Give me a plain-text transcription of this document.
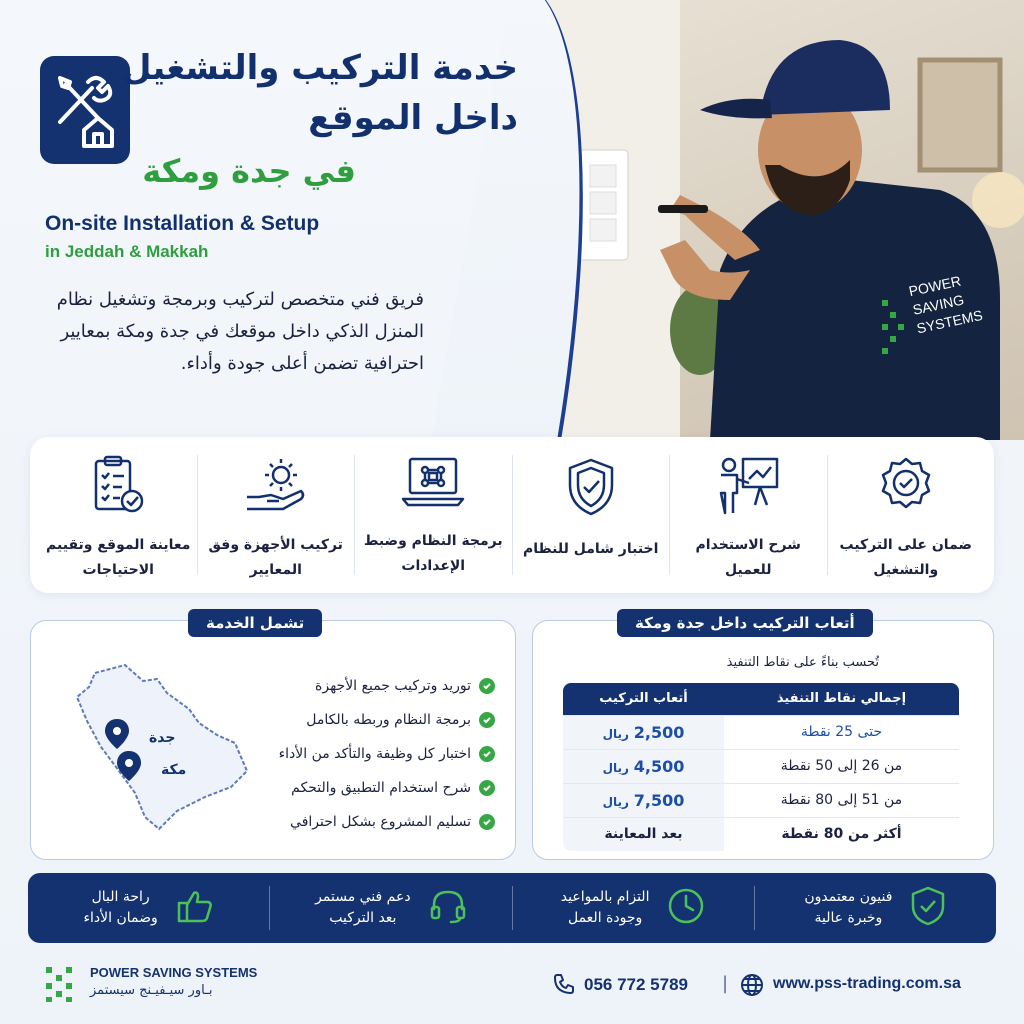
POWER SAVING SYSTEMS
خدمة التركيب والتشغيل
داخل الموقع
في جدة ومكة
On-site Installation & Setup
in Jeddah & Makkah
فريق فني متخصص لتركيب وبرمجة وتشغيل نظام المنزل الذكي داخل موقعك في جدة ومكة بمعايير احترافية تضمن أعلى جودة وأداء.
ضمان على التركيب والتشغيل
شرح الاستخدام للعميل
اختبار شامل للنظام
برمجة النظام وضبط الإعدادات
تركيب الأجهزة وفق المعايير
معاينة الموقع وتقييم الاحتياجات
تشمل الخدمة
جدة
مكة
توريد وتركيب جميع الأجهزة
برمجة النظام وربطه بالكامل
اختبار كل وظيفة والتأكد من الأداء
شرح استخدام التطبيق والتحكم
تسليم المشروع بشكل احترافي
أتعاب التركيب داخل جدة ومكة
تُحسب بناءً على نقاط التنفيذ
إجمالي نقاط التنفيذ	أتعاب التركيب
حتى 25 نقطة	2,500 ريال
من 26 إلى 50 نقطة	4,500 ريال
من 51 إلى 80 نقطة	7,500 ريال
أكثر من 80 نقطة	بعد المعاينة
فنيون معتمدون
وخبرة عالية
التزام بالمواعيد
وجودة العمل
دعم فني مستمر
بعد التركيب
راحة البال
وضمان الأداء
POWER SAVING SYSTEMS
بـاور سيـفيـنج سيستمز	056 772 5789 |	www.pss-trading.com.sa
